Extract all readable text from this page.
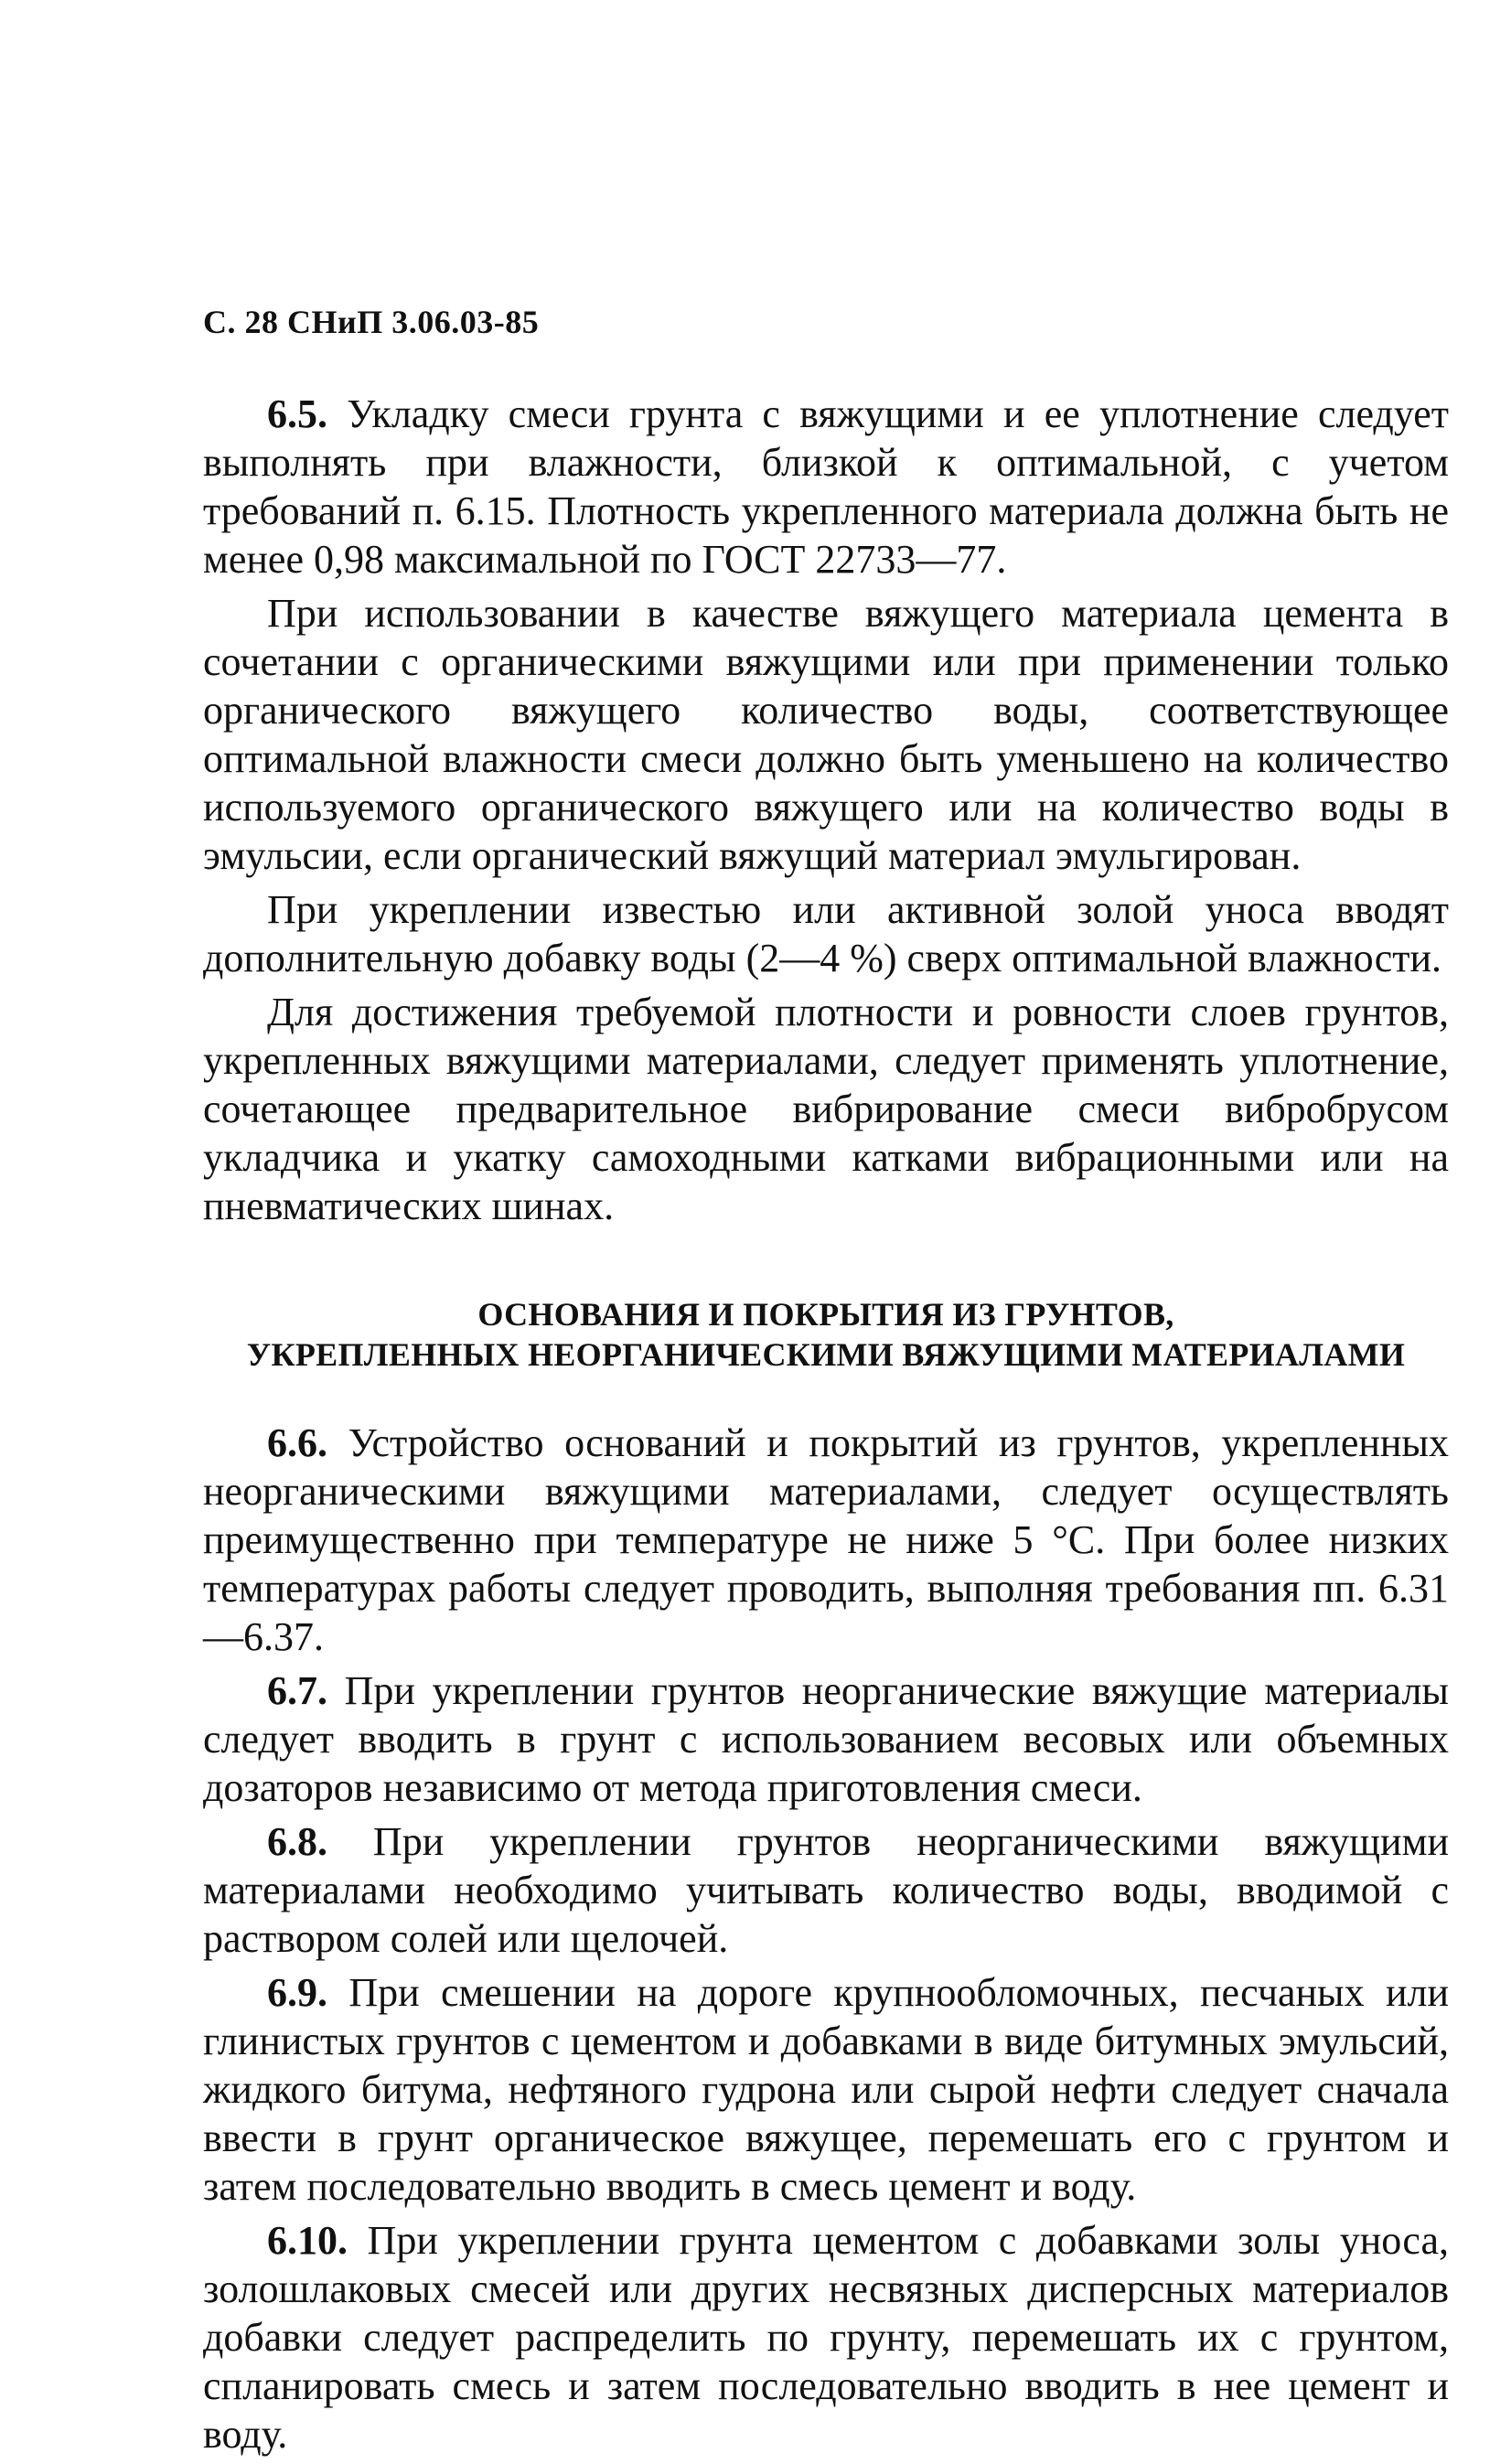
С. 28 СНиП 3.06.03-85

6.5. Укладку смеси грунта с вяжущими и ее уплотнение следует выполнять при влажности, близкой к оптимальной, с учетом требований п. 6.15. Плотность укрепленного материала должна быть не менее 0,98 максимальной по ГОСТ 22733—77.

При использовании в качестве вяжущего материала цемента в сочетании с органическими вяжущими или при применении только органического вяжущего количество воды, соответствующее оптимальной влажности смеси должно быть уменьшено на количество используемого органического вяжущего или на количество воды в эмульсии, если органический вяжущий материал эмульгирован.

При укреплении известью или активной золой уноса вводят дополнительную добавку воды (2—4 %) сверх оптимальной влажности.

Для достижения требуемой плотности и ровности слоев грунтов, укрепленных вяжущими материалами, следует применять уплотнение, сочетающее предварительное вибрирование смеси вибробрусом укладчика и укатку самоходными катками вибрационными или на пневматических шинах.

ОСНОВАНИЯ И ПОКРЫТИЯ ИЗ ГРУНТОВ,
УКРЕПЛЕННЫХ НЕОРГАНИЧЕСКИМИ ВЯЖУЩИМИ МАТЕРИАЛАМИ

6.6. Устройство оснований и покрытий из грунтов, укрепленных неорганическими вяжущими материалами, следует осуществлять преимущественно при температуре не ниже 5 °С. При более низких температурах работы следует проводить, выполняя требования пп. 6.31—6.37.

6.7. При укреплении грунтов неорганические вяжущие материалы следует вводить в грунт с использованием весовых или объемных дозаторов независимо от метода приготовления смеси.

6.8. При укреплении грунтов неорганическими вяжущими материалами необходимо учитывать количество воды, вводимой с раствором солей или щелочей.

6.9. При смешении на дороге крупнообломочных, песчаных или глинистых грунтов с цементом и добавками в виде битумных эмульсий, жидкого битума, нефтяного гудрона или сырой нефти следует сначала ввести в грунт органическое вяжущее, перемешать его с грунтом и затем последовательно вводить в смесь цемент и воду.

6.10. При укреплении грунта цементом с добавками золы уноса, золошлаковых смесей или других несвязных дисперсных материалов добавки следует распределить по грунту, перемешать их с грунтом, спланировать смесь и затем последовательно вводить в нее цемент и воду.
